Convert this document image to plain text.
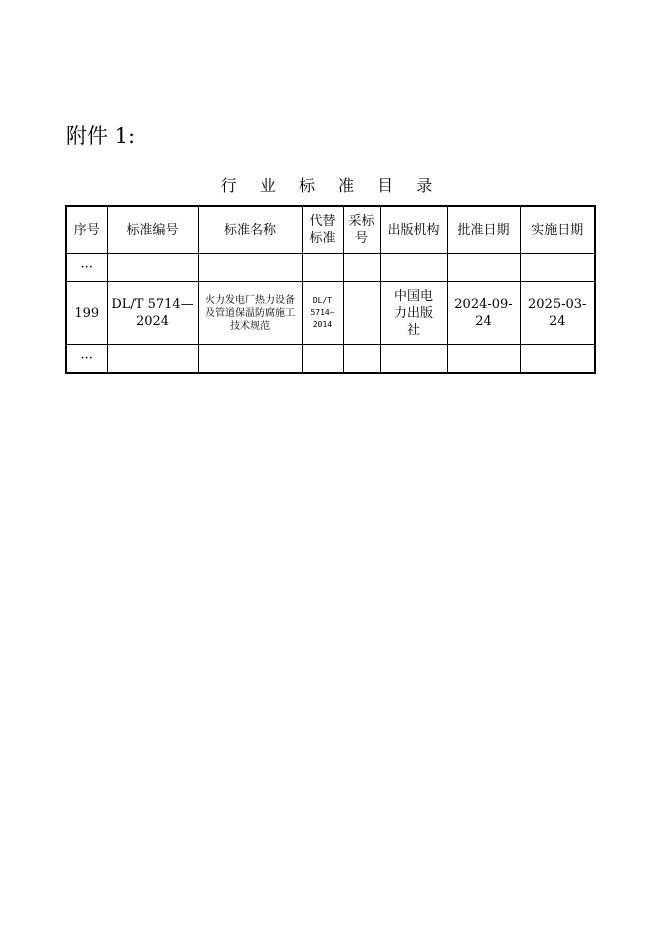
附件 1:
行 业 标 准 目 录
序号	标准编号	标准名称	代替标准	采标号	出版机构	批准日期	实施日期

···							

199	DL/T 5714—2024	火力发电厂热力设备及管道保温防腐施工技术规范	DL/T 5714—2014		中国电力出版社	2024-09-24	2025-03-24

···							
